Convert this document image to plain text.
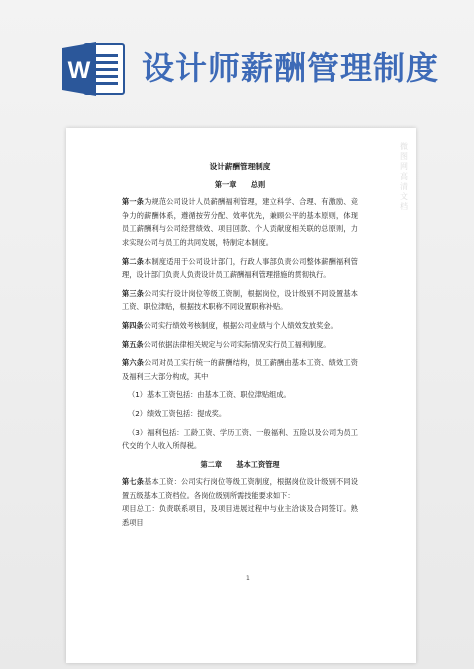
W 设计师薪酬管理制度
微图网高清文档

设计薪酬管理制度

第一章　　总则

第一条为规范公司设计人员薪酬福利管理，建立科学、合理、有激励、竞争力的薪酬体系，遵循按劳分配、效率优先，兼顾公平的基本原则，体现员工薪酬利与公司经营绩效、项目回款、个人贡献度相关联的总原则，力求实现公司与员工的共同发展，特制定本制度。

第二条本制度适用于公司设计部门，行政人事部负责公司整体薪酬福利管理，设计部门负责人负责设计员工薪酬福利管理措施的贯彻执行。

第三条公司实行设计岗位等级工资制，根据岗位，设计级别不同设置基本工资、职位津贴，根据技术职称不同设置职称补贴。

第四条公司实行绩效考核制度，根据公司业绩与个人绩效发放奖金。

第五条公司依据法律相关规定与公司实际情况实行员工福利制度。

第六条公司对员工实行统一的薪酬结构，员工薪酬由基本工资、绩效工资及福利三大部分构成，其中

（1）基本工资包括：由基本工资、职位津贴组成。

（2）绩效工资包括：提成奖。

（3）福利包括：工龄工资、学历工资、一般福利、五险以及公司为员工代交的个人收入所得税。

第二章　　基本工资管理

第七条基本工资：公司实行岗位等级工资制度，根据岗位设计级别不同设置五级基本工资档位。各岗位级别所需技能要求如下：

项目总工：负责联系项目，及项目进展过程中与业主洽谈及合同签订。熟悉项目

1
